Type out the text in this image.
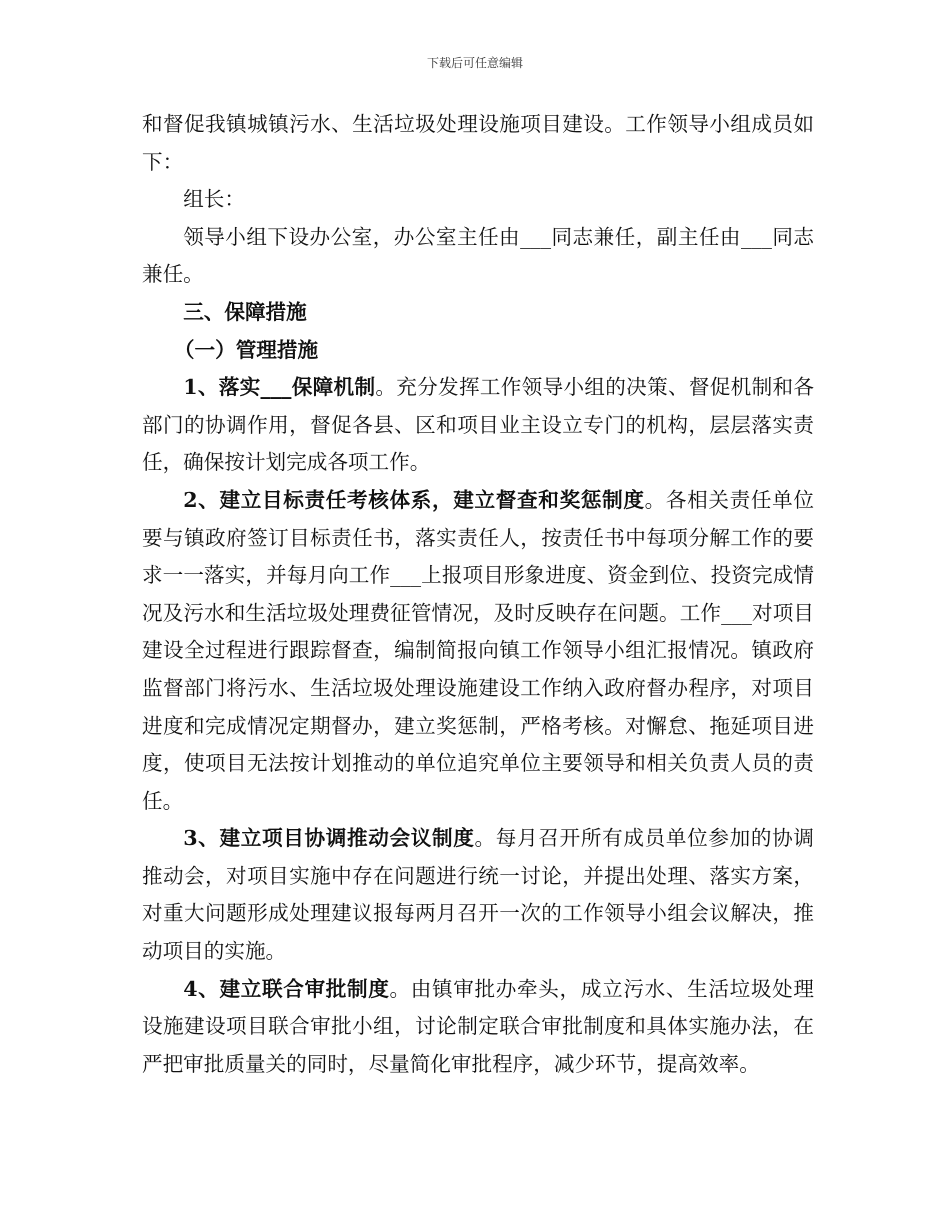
下载后可任意编辑

和督促我镇城镇污水、生活垃圾处理设施项目建设。工作领导小组成员如下：

组长：

领导小组下设办公室，办公室主任由___同志兼任，副主任由___同志兼任。

三、保障措施

（一）管理措施

1、落实___保障机制。充分发挥工作领导小组的决策、督促机制和各部门的协调作用，督促各县、区和项目业主设立专门的机构，层层落实责任，确保按计划完成各项工作。

2、建立目标责任考核体系，建立督查和奖惩制度。各相关责任单位要与镇政府签订目标责任书，落实责任人，按责任书中每项分解工作的要求一一落实，并每月向工作___上报项目形象进度、资金到位、投资完成情况及污水和生活垃圾处理费征管情况，及时反映存在问题。工作___对项目建设全过程进行跟踪督查，编制简报向镇工作领导小组汇报情况。镇政府监督部门将污水、生活垃圾处理设施建设工作纳入政府督办程序，对项目进度和完成情况定期督办，建立奖惩制，严格考核。对懈怠、拖延项目进度，使项目无法按计划推动的单位追究单位主要领导和相关负责人员的责任。

3、建立项目协调推动会议制度。每月召开所有成员单位参加的协调推动会，对项目实施中存在问题进行统一讨论，并提出处理、落实方案，对重大问题形成处理建议报每两月召开一次的工作领导小组会议解决，推动项目的实施。

4、建立联合审批制度。由镇审批办牵头，成立污水、生活垃圾处理设施建设项目联合审批小组，讨论制定联合审批制度和具体实施办法，在严把审批质量关的同时，尽量简化审批程序，减少环节，提高效率。
